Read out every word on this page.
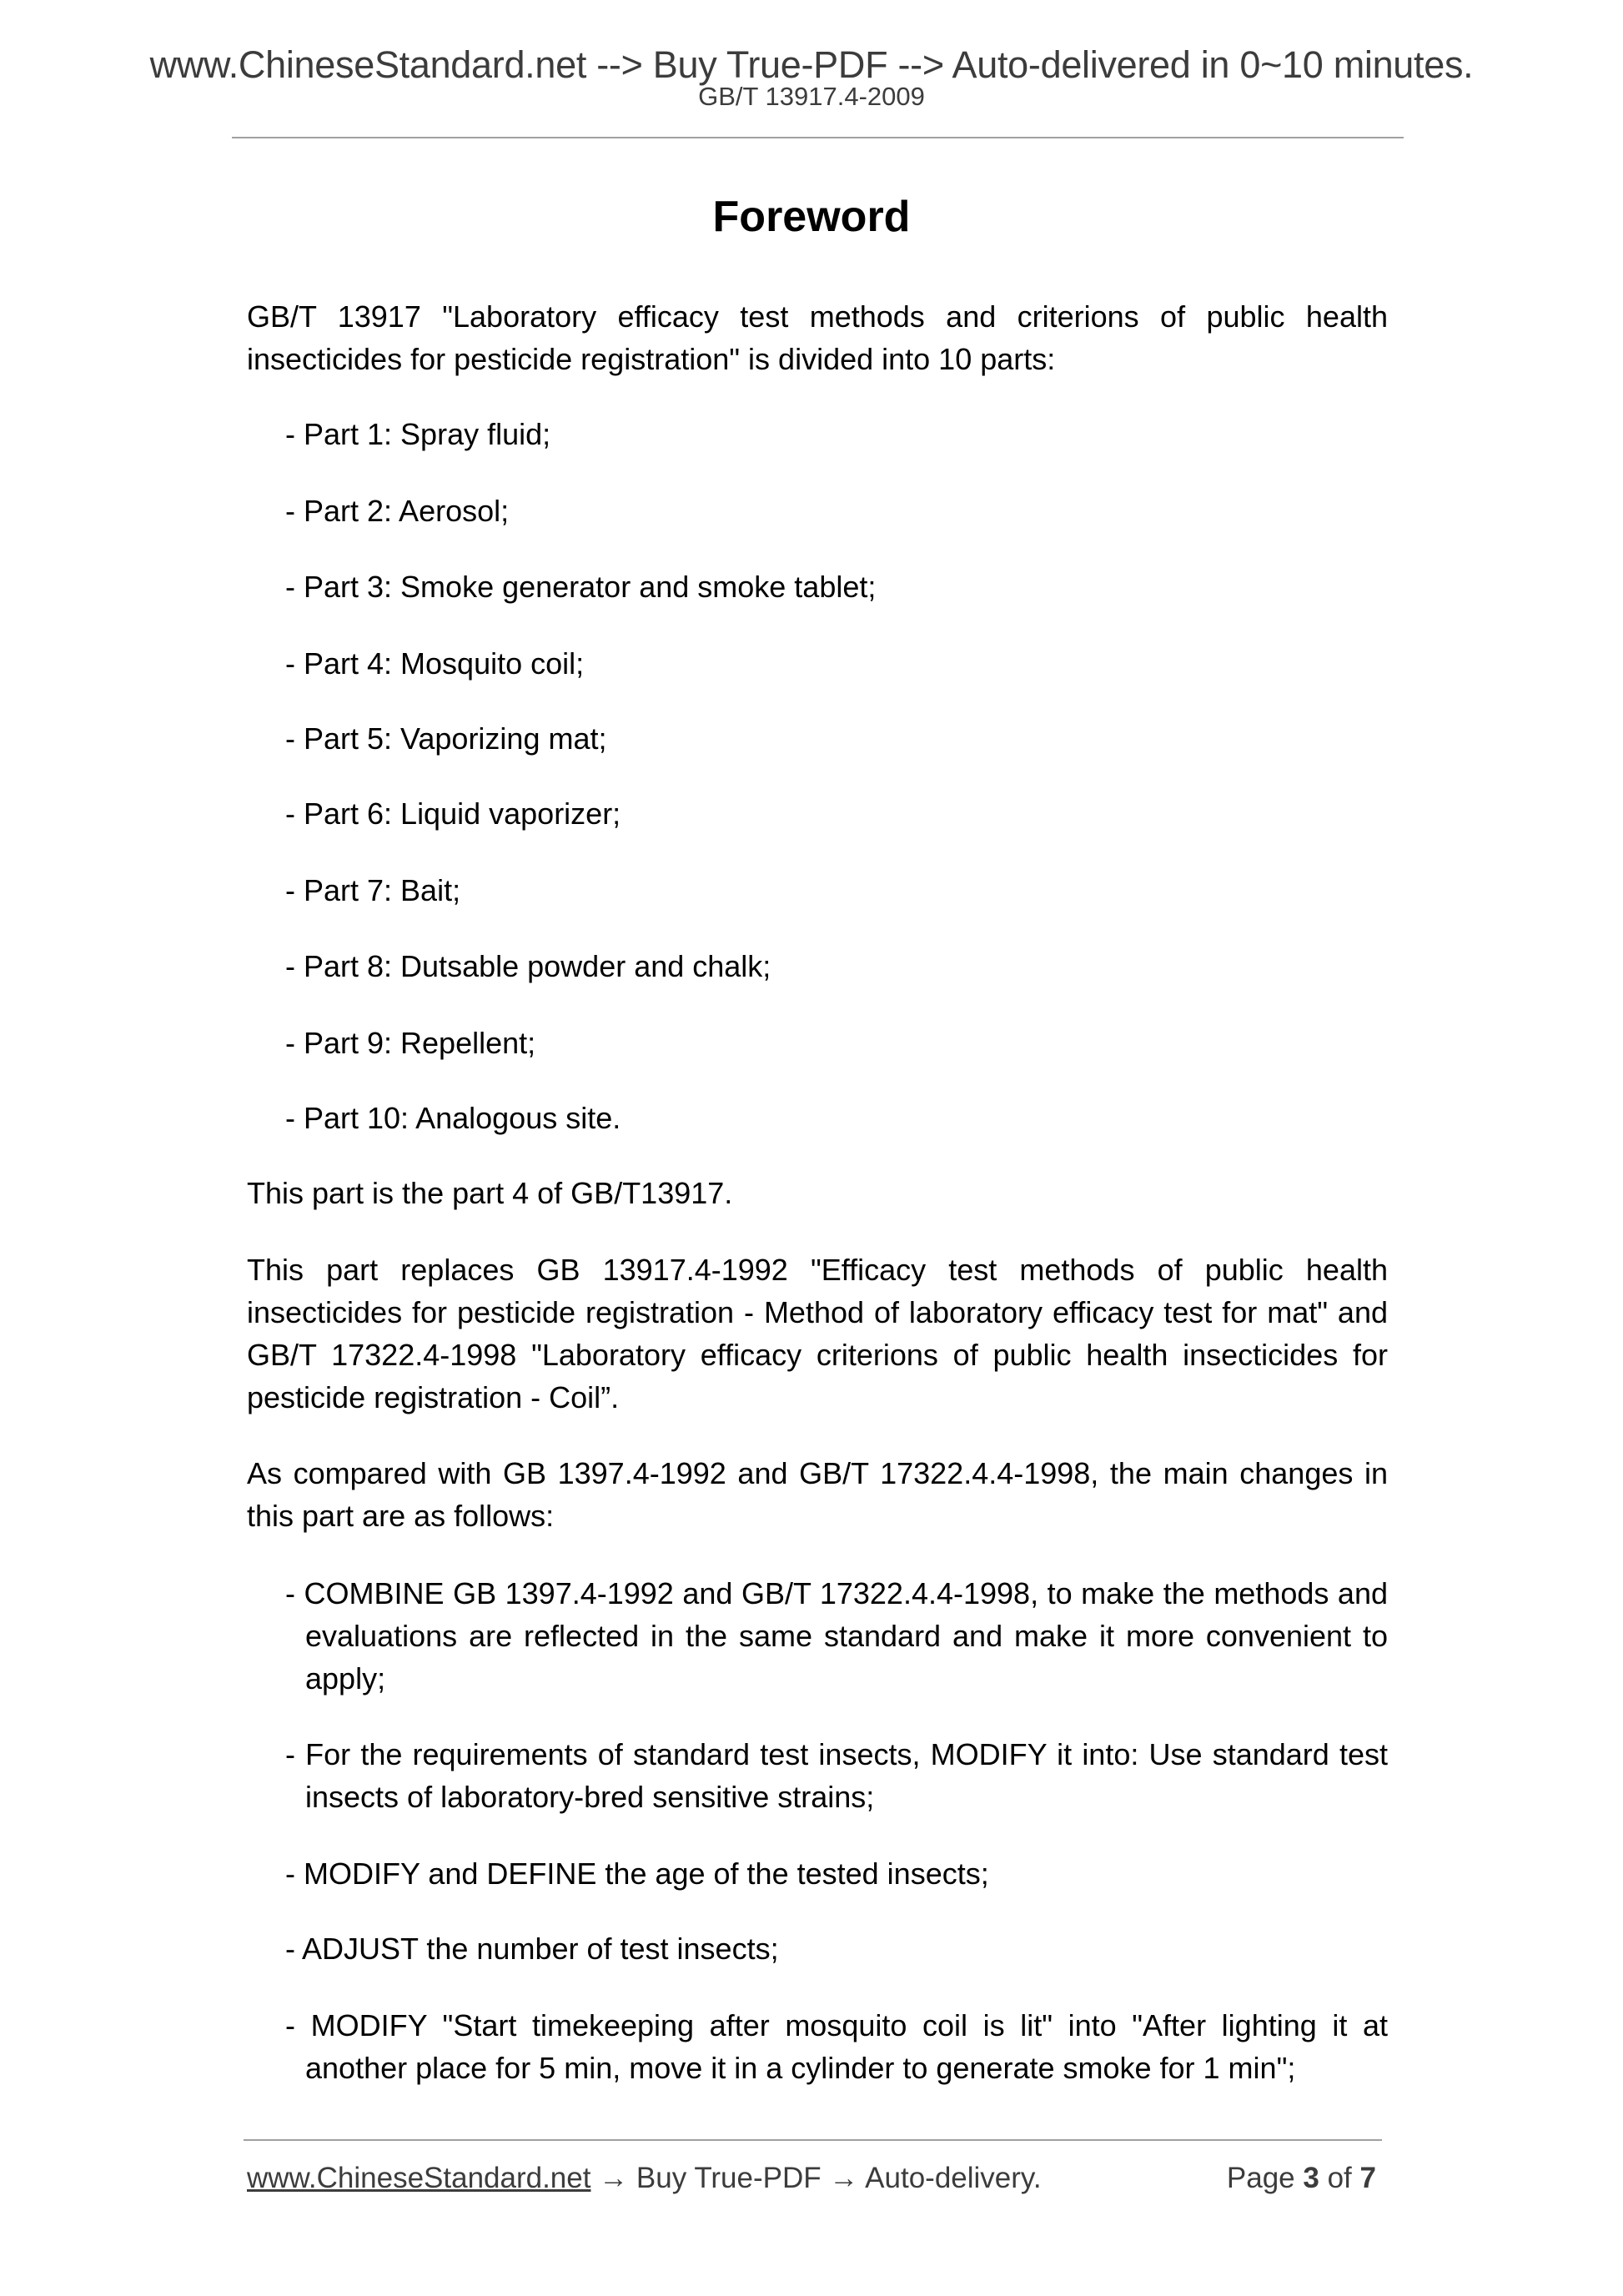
www.ChineseStandard.net --> Buy True-PDF --> Auto-delivered in 0~10 minutes.
GB/T 13917.4-2009
Foreword
GB/T 13917 "Laboratory efficacy test methods and criterions of public health insecticides for pesticide registration" is divided into 10 parts:
- Part 1: Spray fluid;
- Part 2: Aerosol;
- Part 3: Smoke generator and smoke tablet;
- Part 4: Mosquito coil;
- Part 5: Vaporizing mat;
- Part 6: Liquid vaporizer;
- Part 7: Bait;
- Part 8: Dutsable powder and chalk;
- Part 9: Repellent;
- Part 10: Analogous site.
This part is the part 4 of GB/T13917.
This part replaces GB 13917.4-1992 "Efficacy test methods of public health insecticides for pesticide registration - Method of laboratory efficacy test for mat" and GB/T 17322.4-1998 "Laboratory efficacy criterions of public health insecticides for pesticide registration - Coil”.
As compared with GB 1397.4-1992 and GB/T 17322.4.4-1998, the main changes in this part are as follows:
- COMBINE GB 1397.4-1992 and GB/T 17322.4.4-1998, to make the methods and evaluations are reflected in the same standard and make it more convenient to apply;
- For the requirements of standard test insects, MODIFY it into: Use standard test insects of laboratory-bred sensitive strains;
- MODIFY and DEFINE the age of the tested insects;
- ADJUST the number of test insects;
- MODIFY "Start timekeeping after mosquito coil is lit" into "After lighting it at another place for 5 min, move it in a cylinder to generate smoke for 1 min";
www.ChineseStandard.net → Buy True-PDF → Auto-delivery.	Page 3 of 7
